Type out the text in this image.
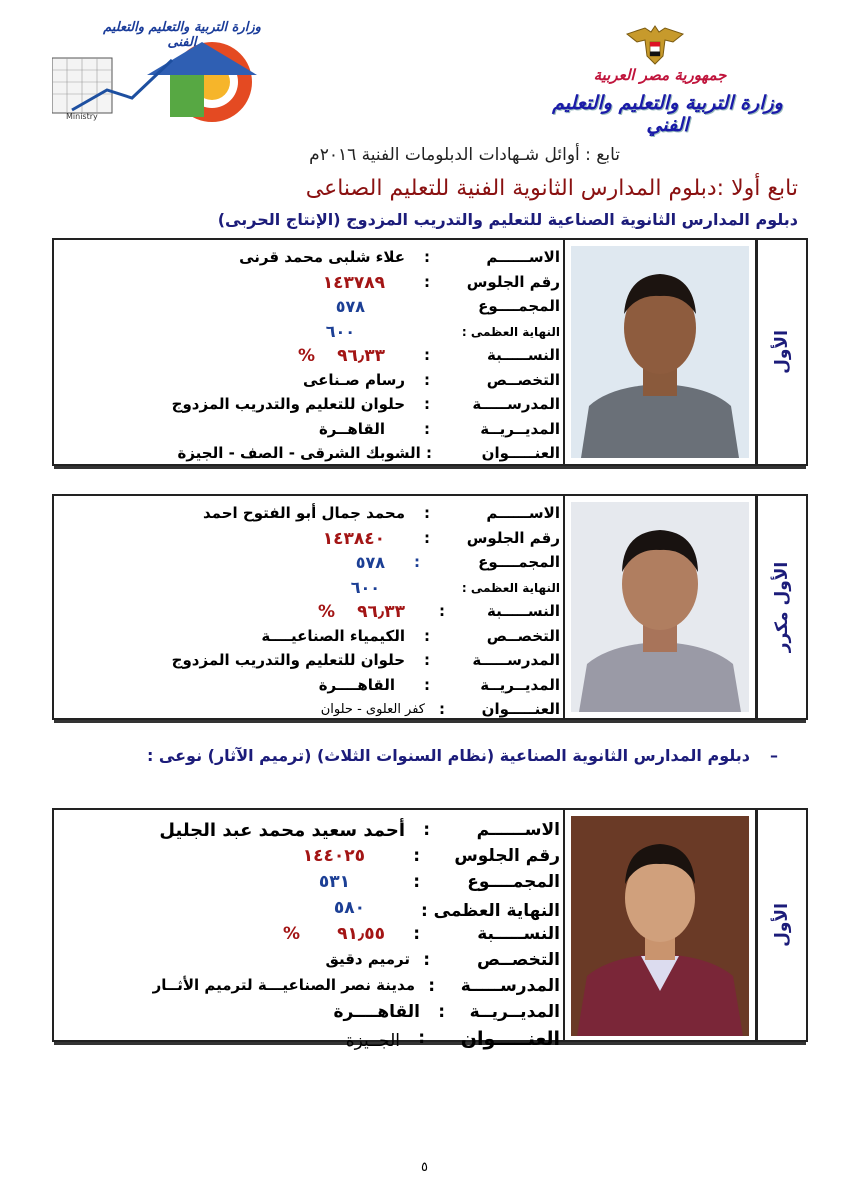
وزارة التربية والتعليم والتعليم الفنى
Ministry
جمهورية مصر العربية
وزارة التربية والتعليم والتعليم الفني
تابع : أوائل شـهادات الدبلومات الفنية ٢٠١٦م
تابع أولا :دبلوم المدارس الثانوية الفنية للتعليم الصناعى
دبلوم المدارس الثانوية الصناعية للتعليم والتدريب المزدوج (الإنتاج الحربى)
الأول
الاســــــم
:
علاء شلبى محمد قرنى
رقم الجلوس
:
١٤٣٧٨٩
المجمــــوع
٥٧٨
النهاية العظمى :
٦٠٠
النســـــبة
:
٩٦٫٣٣
%
التخصــص
:
رسام صـناعى
المدرســـــة
:
حلوان للتعليم والتدريب المزدوج
المديــريــة
:
القاهــرة
العنـــــوان
: الشوبك الشرقى - الصف - الجيزة
الأول مكرر
الاســــــم
:
محمد جمال أبو الفتوح احمد
رقم الجلوس
:
١٤٣٨٤٠
المجمــــوع
:
٥٧٨
النهاية العظمى :
٦٠٠
النســـــبة
:
٩٦٫٣٣
%
التخصــص
:
الكيمياء الصناعيــــة
المدرســـــة
:
حلوان للتعليم والتدريب المزدوج
المديــريــة
:
القاهــــرة
العنـــــوان
:
كفر العلوى - حلوان
–
دبلوم المدارس الثانوية الصناعية (نظام السنوات الثلاث) (ترميم الآثار) نوعى :
الأول
الاســــــم
:
أحمد سعيد محمد عبد الجليل
رقم الجلوس
:
١٤٤٠٢٥
المجمــــوع
:
٥٣١
النهاية العظمى :
٥٨٠
النســـــبة
:
٩١٫٥٥
%
التخصــص
:
ترميم دقيق
المدرســـــة
:
مدينة نصر الصناعيـــة لترميم الأثــار
المديــريــة
:
القاهــــرة
العنـــــوان
:
الجــيزة
٥
